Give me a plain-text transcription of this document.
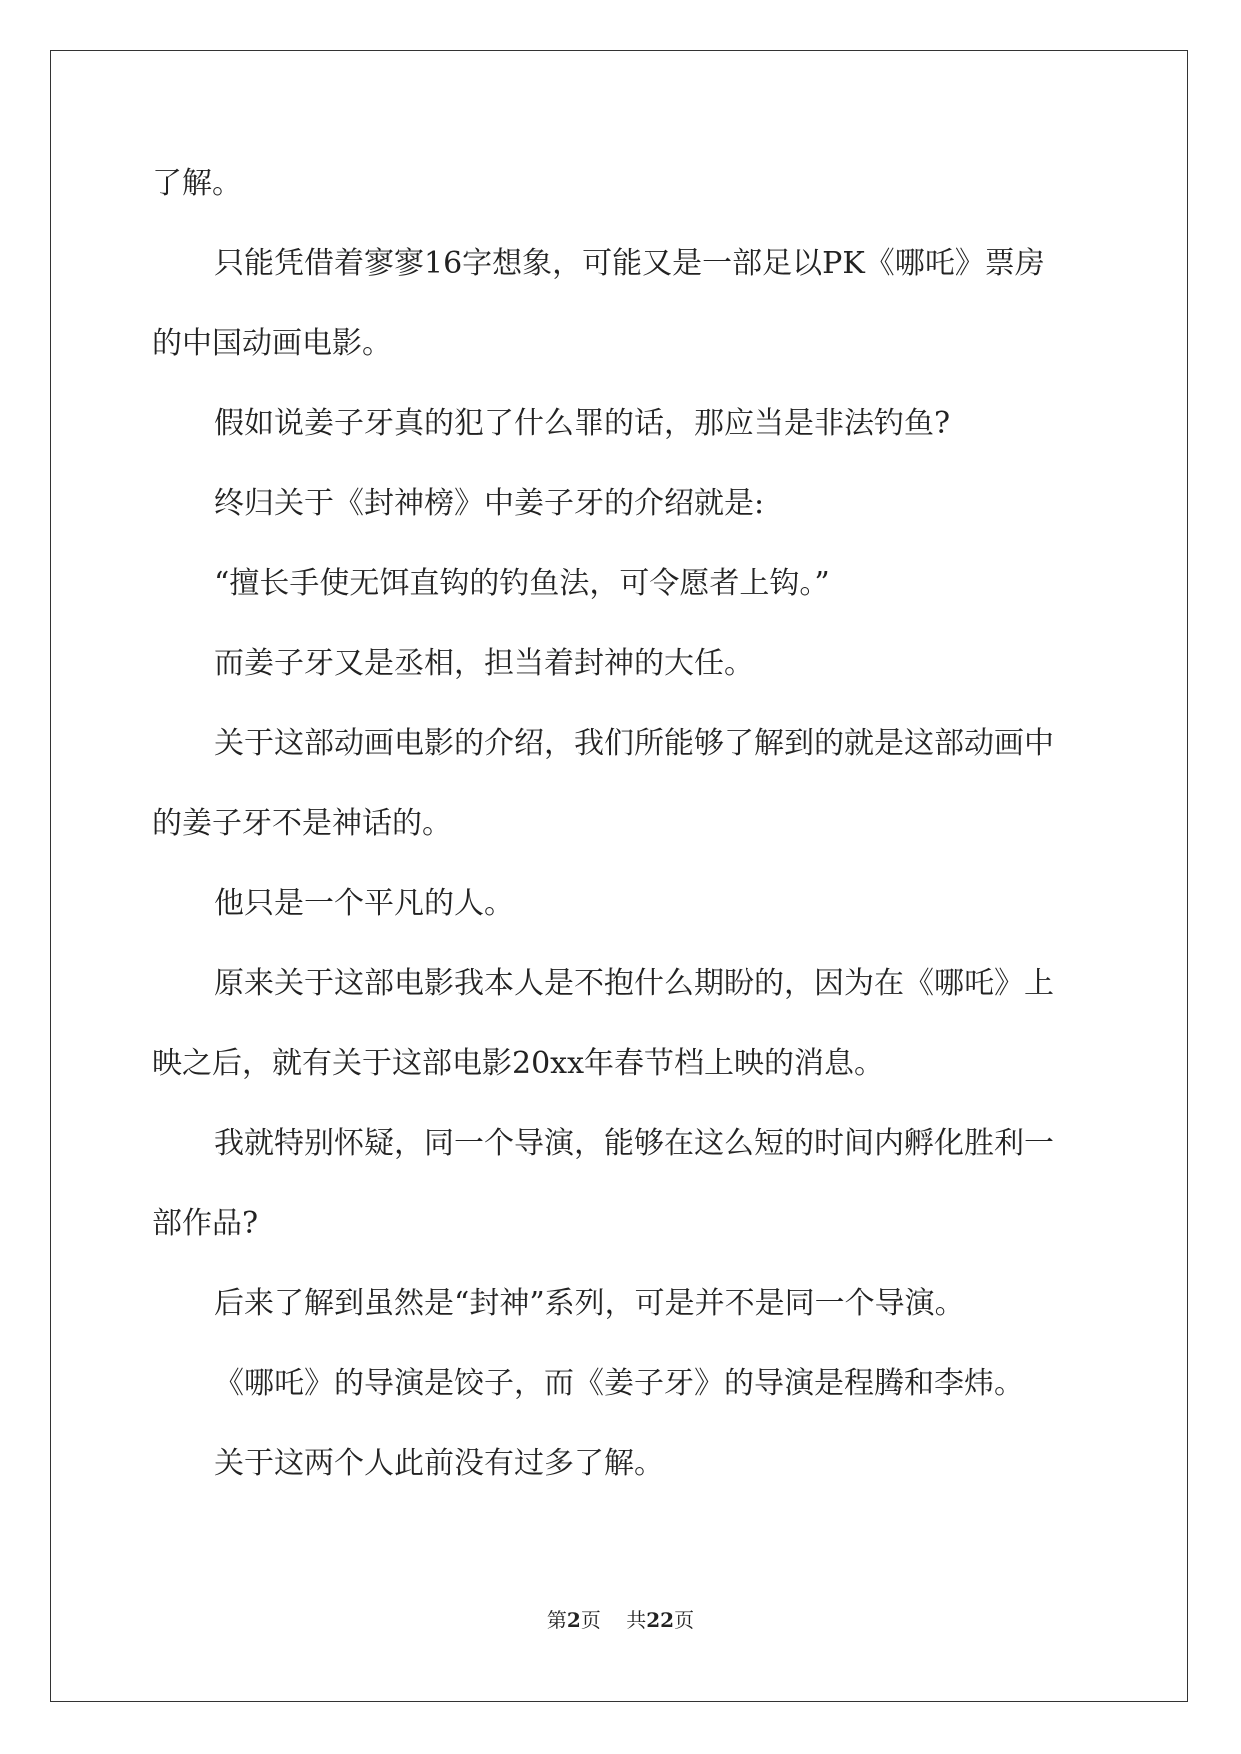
了解。
只能凭借着寥寥16字想象，可能又是一部足以PK《哪吒》票房
的中国动画电影。
假如说姜子牙真的犯了什么罪的话，那应当是非法钓鱼?
终归关于《封神榜》中姜子牙的介绍就是:
“擅长手使无饵直钩的钓鱼法，可令愿者上钩。”
而姜子牙又是丞相，担当着封神的大任。
关于这部动画电影的介绍，我们所能够了解到的就是这部动画中
的姜子牙不是神话的。
他只是一个平凡的人。
原来关于这部电影我本人是不抱什么期盼的，因为在《哪吒》上
映之后，就有关于这部电影20xx年春节档上映的消息。
我就特别怀疑，同一个导演，能够在这么短的时间内孵化胜利一
部作品?
后来了解到虽然是“封神”系列，可是并不是同一个导演。
《哪吒》的导演是饺子，而《姜子牙》的导演是程腾和李炜。
关于这两个人此前没有过多了解。
第2页    共22页
